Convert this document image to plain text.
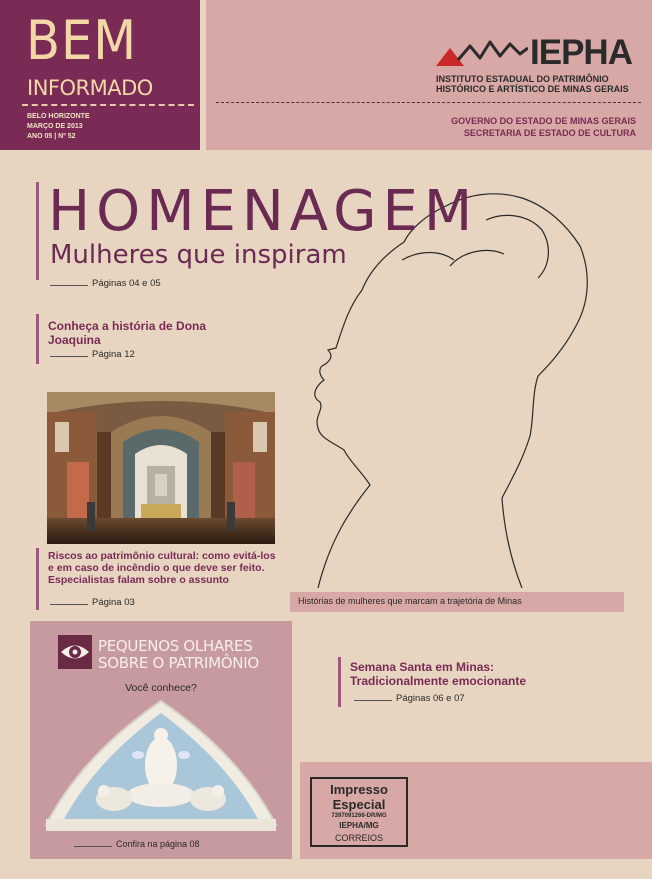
BEM
INFORMADO
BELO HORIZONTE
MARÇO DE 2013
ANO 05 | Nº 52
IEPHA
INSTITUTO ESTADUAL DO PATRIMÔNIO
HISTÓRICO E ARTÍSTICO DE MINAS GERAIS
GOVERNO DO ESTADO DE MINAS GERAIS
SECRETARIA DE ESTADO DE CULTURA
HOMENAGEM
Mulheres que inspiram
Páginas 04 e 05
Conheça a história de Dona Joaquina
Página 12
Riscos ao patrimônio cultural: como evitá-los e em caso de incêndio o que deve ser feito. Especialistas falam sobre o assunto
Página 03	Histórias de mulheres que marcam a trajetória de Minas
Semana Santa em Minas: Tradicionalmente emocionante
Páginas 06 e 07
PEQUENOS OLHARES
SOBRE O PATRIMÔNIO
Você conhece?
Confira na página 08
Impresso
Especial
7397091266-DR/MG
IEPHA/MG
CORREIOS
